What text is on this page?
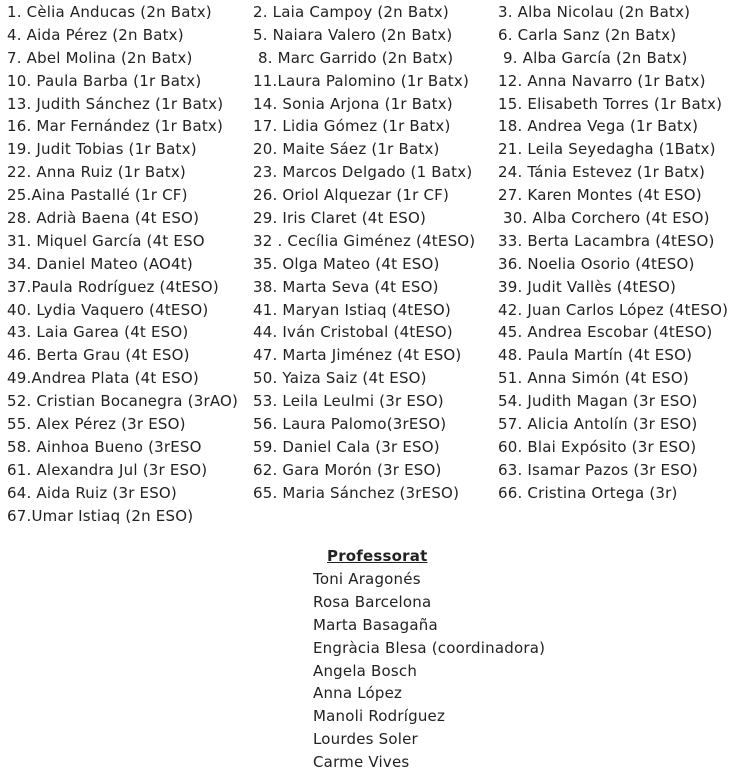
1. Cèlia Anducas (2n Batx)	2. Laia Campoy (2n Batx)	3. Alba Nicolau (2n Batx)
4. Aida Pérez (2n Batx)	5. Naiara Valero (2n Batx)	6. Carla Sanz (2n Batx)
7. Abel Molina (2n Batx)	8. Marc Garrido (2n Batx)	9. Alba García (2n Batx)
10. Paula Barba (1r Batx)	11.Laura Palomino (1r Batx) 12. Anna Navarro (1r Batx)
13. Judith Sánchez (1r Batx) 14. Sonia Arjona (1r Batx)	15. Elisabeth Torres (1r Batx)
16. Mar Fernández (1r Batx) 17. Lidia Gómez (1r Batx)	18. Andrea Vega (1r Batx)
19. Judit Tobias (1r Batx)	20. Maite Sáez (1r Batx)	21. Leila Seyedagha (1Batx)
22. Anna Ruiz (1r Batx)	23. Marcos Delgado (1 Batx) 24. Tánia Estevez (1r Batx)
25.Aina Pastallé (1r CF)	26. Oriol Alquezar (1r CF)	27. Karen Montes (4t ESO)
28. Adrià Baena (4t ESO)	29. Iris Claret (4t ESO)	30. Alba Corchero (4t ESO)
31. Miquel García (4t ESO	32 . Cecília Giménez (4tESO) 33. Berta Lacambra (4tESO)
34. Daniel Mateo (AO4t)	35. Olga Mateo (4t ESO)	36. Noelia Osorio (4tESO)
37.Paula Rodríguez (4tESO) 38. Marta Seva (4t ESO)	39. Judit Vallès (4tESO)
40. Lydia Vaquero (4tESO)	41. Maryan Istiaq (4tESO)	42. Juan Carlos López (4tESO)
43. Laia Garea (4t ESO)	44. Iván Cristobal (4tESO)	45. Andrea Escobar (4tESO)
46. Berta Grau (4t ESO)	47. Marta Jiménez (4t ESO) 48. Paula Martín (4t ESO)
49.Andrea Plata (4t ESO)	50. Yaiza Saiz (4t ESO)	51. Anna Simón (4t ESO)
52. Cristian Bocanegra (3rAO) 53. Leila Leulmi (3r ESO)	54. Judith Magan (3r ESO)
55. Alex Pérez (3r ESO)	56. Laura Palomo(3rESO)	57. Alicia Antolín (3r ESO)
58. Ainhoa Bueno (3rESO	59. Daniel Cala (3r ESO)	60. Blai Expósito (3r ESO)
61. Alexandra Jul (3r ESO)	62. Gara Morón (3r ESO)	63. Isamar Pazos (3r ESO)
64. Aida Ruiz (3r ESO)	65. Maria Sánchez (3rESO)	66. Cristina Ortega (3r)
67.Umar Istiaq (2n ESO)
Professorat
Toni Aragonés
Rosa Barcelona
Marta Basagaña
Engràcia Blesa (coordinadora)
Angela Bosch
Anna López
Manoli Rodríguez
Lourdes Soler
Carme Vives
